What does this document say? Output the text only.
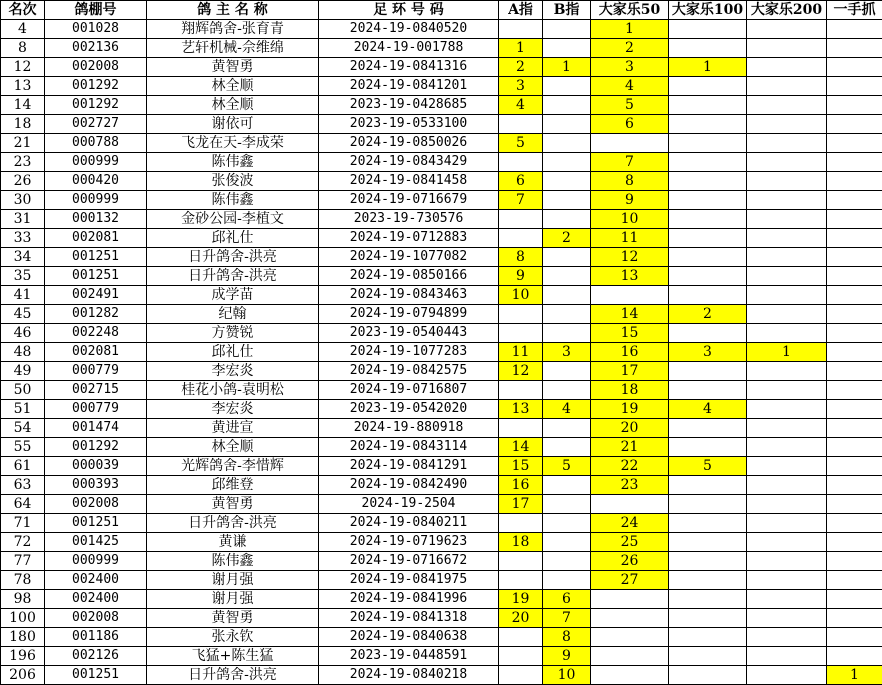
名次	鸽棚号	鸽 主 名 称	足 环 号 码	A指	B指	大家乐50	大家乐100	大家乐200	一手抓
4	001028	翔辉鸽舍-张育青	2024-19-0840520			1			
8	002136	艺轩机械-佘维绵	2024-19-001788	1		2			
12	002008	黄智勇	2024-19-0841316	2	1	3	1		
13	001292	林全顺	2024-19-0841201	3		4			
14	001292	林全顺	2023-19-0428685	4		5			
18	002727	谢依可	2023-19-0533100			6			
21	000788	飞龙在天-李成荣	2024-19-0850026	5					
23	000999	陈伟鑫	2024-19-0843429			7			
26	000420	张俊波	2024-19-0841458	6		8			
30	000999	陈伟鑫	2024-19-0716679	7		9			
31	000132	金砂公园-李植文	2023-19-730576			10			
33	002081	邱礼仕	2024-19-0712883		2	11			
34	001251	日升鸽舍-洪亮	2024-19-1077082	8		12			
35	001251	日升鸽舍-洪亮	2024-19-0850166	9		13			
41	002491	成学苗	2024-19-0843463	10					
45	001282	纪翰	2024-19-0794899			14	2		
46	002248	方赞锐	2023-19-0540443			15			
48	002081	邱礼仕	2024-19-1077283	11	3	16	3	1	
49	000779	李宏炎	2024-19-0842575	12		17			
50	002715	桂花小鸽-袁明松	2024-19-0716807			18			
51	000779	李宏炎	2023-19-0542020	13	4	19	4		
54	001474	黄进宣	2024-19-880918			20			
55	001292	林全顺	2024-19-0843114	14		21			
61	000039	光辉鸽舍-李惜辉	2024-19-0841291	15	5	22	5		
63	000393	邱维登	2024-19-0842490	16		23			
64	002008	黄智勇	2024-19-2504	17					
71	001251	日升鸽舍-洪亮	2024-19-0840211			24			
72	001425	黄谦	2024-19-0719623	18		25			
77	000999	陈伟鑫	2024-19-0716672			26			
78	002400	谢月强	2024-19-0841975			27			
98	002400	谢月强	2024-19-0841996	19	6				
100	002008	黄智勇	2024-19-0841318	20	7				
180	001186	张永钦	2024-19-0840638		8				
196	002126	飞猛+陈生猛	2023-19-0448591		9				
206	001251	日升鸽舍-洪亮	2024-19-0840218		10				1
